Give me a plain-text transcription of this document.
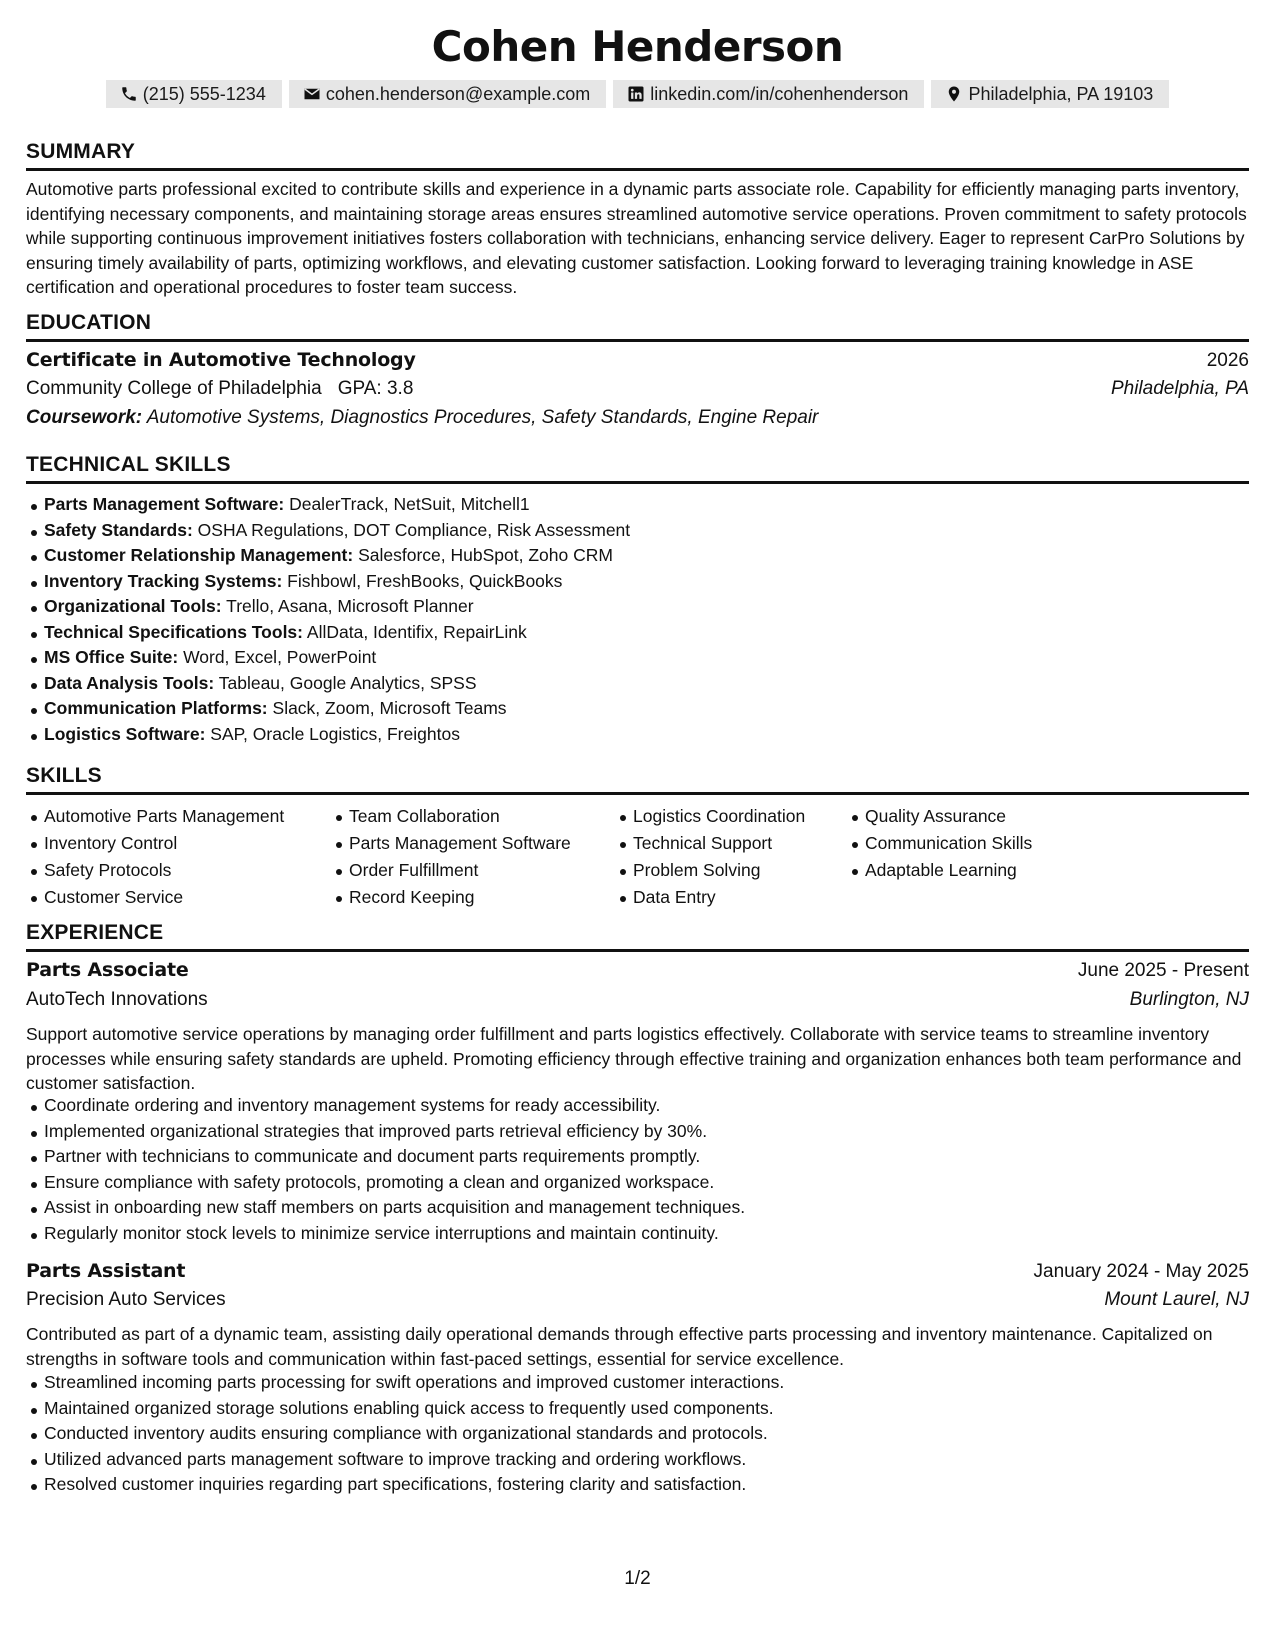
Cohen Henderson
(215) 555-1234	cohen.henderson@example.com	linkedin.com/in/cohenhenderson	Philadelphia, PA 19103
SUMMARY
Automotive parts professional excited to contribute skills and experience in a dynamic parts associate role. Capability for efficiently managing parts inventory, identifying necessary components, and maintaining storage areas ensures streamlined automotive service operations. Proven commitment to safety protocols while supporting continuous improvement initiatives fosters collaboration with technicians, enhancing service delivery. Eager to represent CarPro Solutions by ensuring timely availability of parts, optimizing workflows, and elevating customer satisfaction. Looking forward to leveraging training knowledge in ASE certification and operational procedures to foster team success.
EDUCATION
Certificate in Automotive Technology	2026
Community College of Philadelphia GPA: 3.8	Philadelphia, PA
Coursework: Automotive Systems, Diagnostics Procedures, Safety Standards, Engine Repair
TECHNICAL SKILLS
Parts Management Software: DealerTrack, NetSuit, Mitchell1
Safety Standards: OSHA Regulations, DOT Compliance, Risk Assessment
Customer Relationship Management: Salesforce, HubSpot, Zoho CRM
Inventory Tracking Systems: Fishbowl, FreshBooks, QuickBooks
Organizational Tools: Trello, Asana, Microsoft Planner
Technical Specifications Tools: AllData, Identifix, RepairLink
MS Office Suite: Word, Excel, PowerPoint
Data Analysis Tools: Tableau, Google Analytics, SPSS
Communication Platforms: Slack, Zoom, Microsoft Teams
Logistics Software: SAP, Oracle Logistics, Freightos
SKILLS
Automotive Parts Management
Inventory Control
Safety Protocols
Customer Service
Team Collaboration
Parts Management Software
Order Fulfillment
Record Keeping
Logistics Coordination
Technical Support
Problem Solving
Data Entry
Quality Assurance
Communication Skills
Adaptable Learning
EXPERIENCE
Parts Associate	June 2025 - Present
AutoTech Innovations	Burlington, NJ
Support automotive service operations by managing order fulfillment and parts logistics effectively. Collaborate with service teams to streamline inventory processes while ensuring safety standards are upheld. Promoting efficiency through effective training and organization enhances both team performance and customer satisfaction.
Coordinate ordering and inventory management systems for ready accessibility.
Implemented organizational strategies that improved parts retrieval efficiency by 30%.
Partner with technicians to communicate and document parts requirements promptly.
Ensure compliance with safety protocols, promoting a clean and organized workspace.
Assist in onboarding new staff members on parts acquisition and management techniques.
Regularly monitor stock levels to minimize service interruptions and maintain continuity.
Parts Assistant	January 2024 - May 2025
Precision Auto Services	Mount Laurel, NJ
Contributed as part of a dynamic team, assisting daily operational demands through effective parts processing and inventory maintenance. Capitalized on strengths in software tools and communication within fast-paced settings, essential for service excellence.
Streamlined incoming parts processing for swift operations and improved customer interactions.
Maintained organized storage solutions enabling quick access to frequently used components.
Conducted inventory audits ensuring compliance with organizational standards and protocols.
Utilized advanced parts management software to improve tracking and ordering workflows.
Resolved customer inquiries regarding part specifications, fostering clarity and satisfaction.
1/2
